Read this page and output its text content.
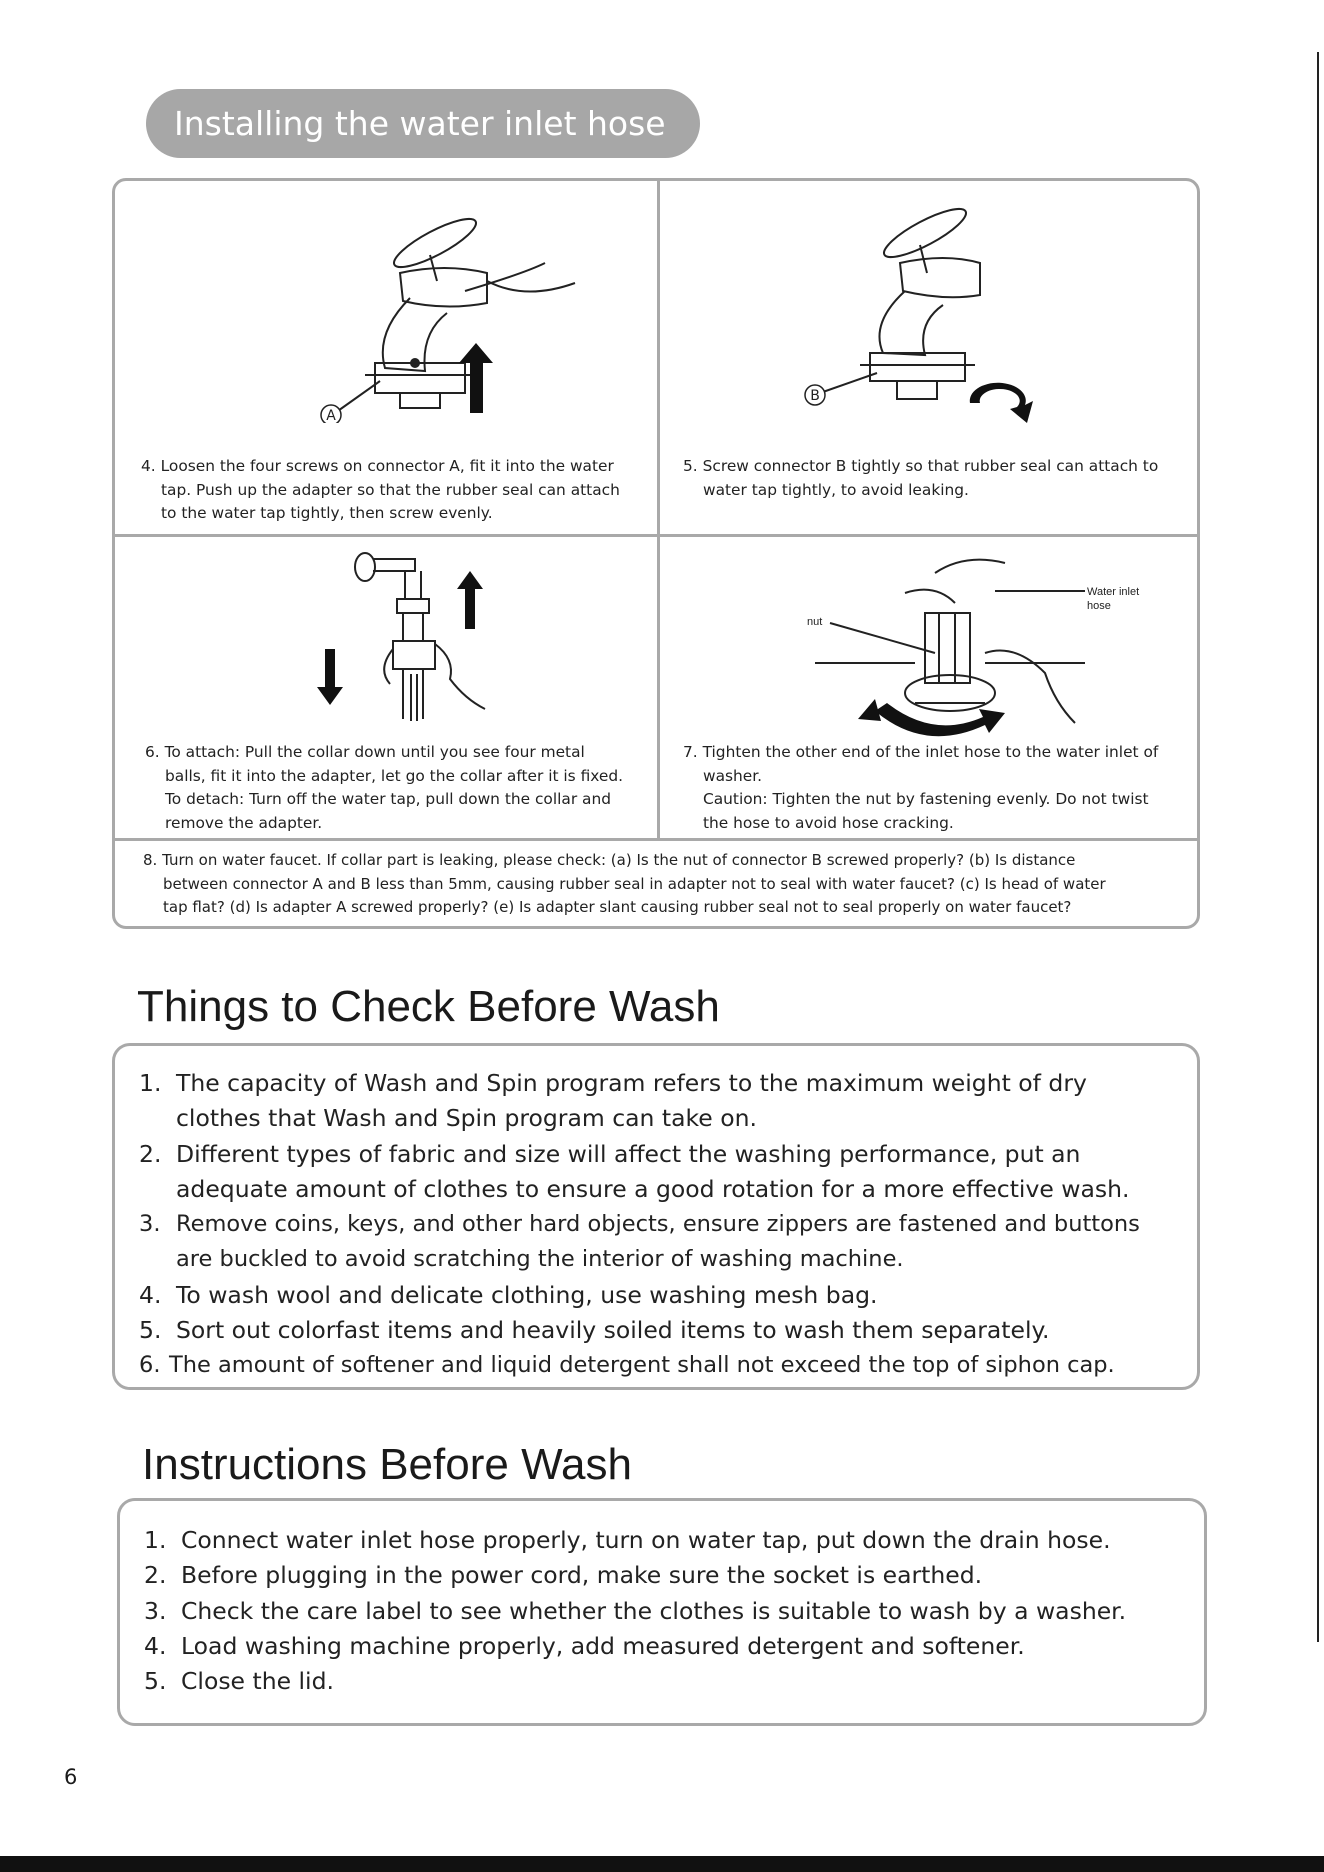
Installing the water inlet hose
A
B
4. Loosen the four screws on connector A, fit it into the water
tap. Push up the adapter so that the rubber seal can attach
to the water tap tightly, then screw evenly.
5. Screw connector B tightly so that rubber seal can attach to
water tap tightly, to avoid leaking.
nut
Water inlet
hose
6. To attach: Pull the collar down until you see four metal
balls, fit it into the adapter, let go the collar after it is fixed.
To detach: Turn off the water tap, pull down the collar and
remove the adapter.
7. Tighten the other end of the inlet hose to the water inlet of
washer.
Caution: Tighten the nut by fastening evenly. Do not twist
the hose to avoid hose cracking.
8. Turn on water faucet. If collar part is leaking, please check: (a) Is the nut of connector B screwed properly? (b) Is distance
between connector A and B less than 5mm, causing rubber seal in adapter not to seal with water faucet? (c) Is head of water
tap flat? (d) Is adapter A screwed properly? (e) Is adapter slant causing rubber seal not to seal properly on water faucet?
Things to Check Before Wash
1. The capacity of Wash and Spin program refers to the maximum weight of dry
clothes that Wash and Spin program can take on.
2. Different types of fabric and size will affect the washing performance, put an
adequate amount of clothes to ensure a good rotation for a more effective wash.
3. Remove coins, keys, and other hard objects, ensure zippers are fastened and buttons
are buckled to avoid scratching the interior of washing machine.
4. To wash wool and delicate clothing, use washing mesh bag.
5. Sort out colorfast items and heavily soiled items to wash them separately.
6. The amount of softener and liquid detergent shall not exceed the top of siphon cap.
Instructions Before Wash
1. Connect water inlet hose properly, turn on water tap, put down the drain hose.
2. Before plugging in the power cord, make sure the socket is earthed.
3. Check the care label to see whether the clothes is suitable to wash by a washer.
4. Load washing machine properly, add measured detergent and softener.
5. Close the lid.
6
